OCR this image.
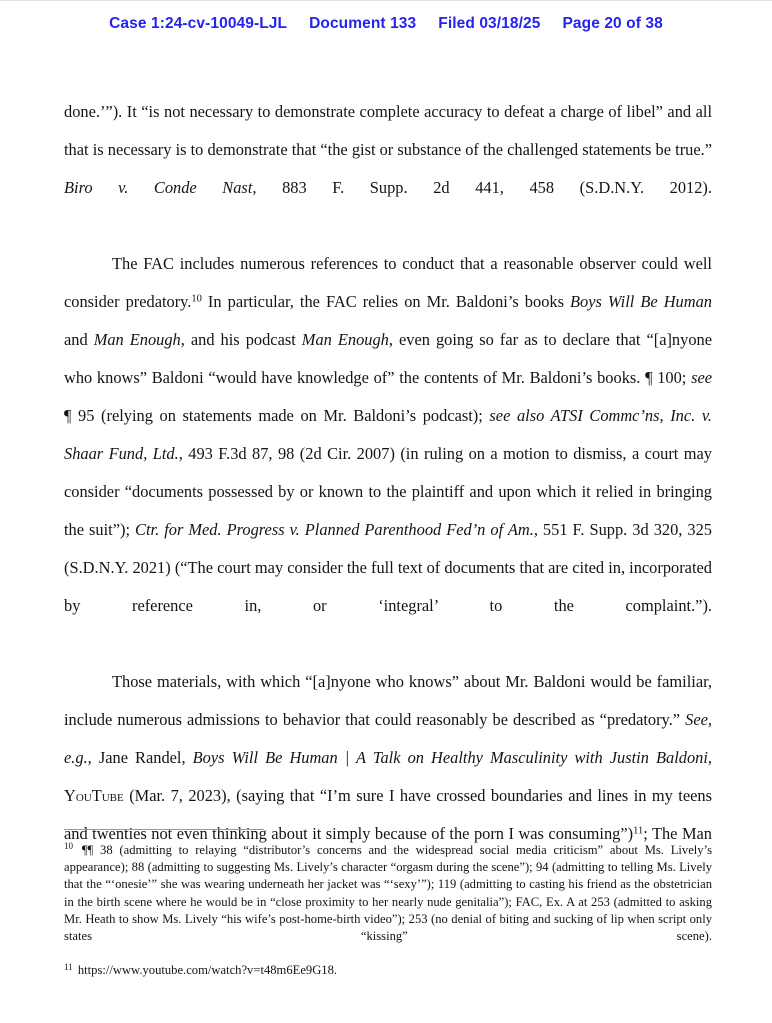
Case 1:24-cv-10049-LJL Document 133 Filed 03/18/25 Page 20 of 38

done.’”). It “is not necessary to demonstrate complete accuracy to defeat a charge of libel” and all that is necessary is to demonstrate that “the gist or substance of the challenged statements be true.” Biro v. Conde Nast, 883 F. Supp. 2d 441, 458 (S.D.N.Y. 2012).

The FAC includes numerous references to conduct that a reasonable observer could well consider predatory.$^{10}$ In particular, the FAC relies on Mr. Baldoni’s books Boys Will Be Human and Man Enough, and his podcast Man Enough, even going so far as to declare that “[a]nyone who knows” Baldoni “would have knowledge of” the contents of Mr. Baldoni’s books. ¶ 100; see ¶ 95 (relying on statements made on Mr. Baldoni’s podcast); see also ATSI Commc’ns, Inc. v. Shaar Fund, Ltd., 493 F.3d 87, 98 (2d Cir. 2007) (in ruling on a motion to dismiss, a court may consider “documents possessed by or known to the plaintiff and upon which it relied in bringing the suit”); Ctr. for Med. Progress v. Planned Parenthood Fed’n of Am., 551 F. Supp. 3d 320, 325 (S.D.N.Y. 2021) (“The court may consider the full text of documents that are cited in, incorporated by reference in, or ‘integral’ to the complaint.”).

Those materials, with which “[a]nyone who knows” about Mr. Baldoni would be familiar, include numerous admissions to behavior that could reasonably be described as “predatory.” See, e.g., Jane Randel, Boys Will Be Human | A Talk on Healthy Masculinity with Justin Baldoni, YouTube (Mar. 7, 2023), (saying that “I’m sure I have crossed boundaries and lines in my teens and twenties not even thinking about it simply because of the porn I was consuming”)$^{11}$; The Man

$^{10}$ ¶¶ 38 (admitting to relaying “distributor’s concerns and the widespread social media criticism” about Ms. Lively’s appearance); 88 (admitting to suggesting Ms. Lively’s character “orgasm during the scene”); 94 (admitting to telling Ms. Lively that the “‘onesie’” she was wearing underneath her jacket was “‘sexy’”); 119 (admitting to casting his friend as the obstetrician in the birth scene where he would be in “close proximity to her nearly nude genitalia”); FAC, Ex. A at 253 (admitted to asking Mr. Heath to show Ms. Lively “his wife’s post-home-birth video”); 253 (no denial of biting and sucking of lip when script only states “kissing” scene).

$^{11}$ https://www.youtube.com/watch?v=t48m6Ee9G18.
